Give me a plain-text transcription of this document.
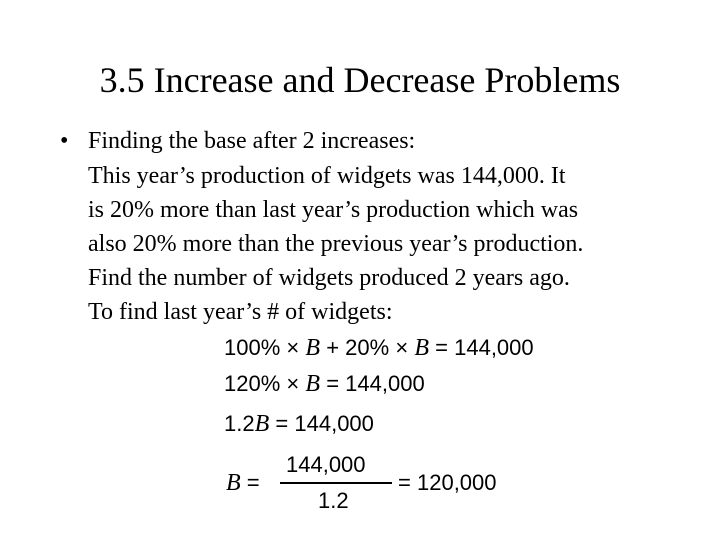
3.5 Increase and Decrease Problems
• Finding the base after 2 increases:
This year’s production of widgets was 144,000. It
is 20% more than last year’s production which was
also 20% more than the previous year’s production.
Find the number of widgets produced 2 years ago.
To find last year’s # of widgets:
100% × B + 20% × B = 144,000
120% × B = 144,000
1.2B = 144,000
B =
144,000
1.2
= 120,000
